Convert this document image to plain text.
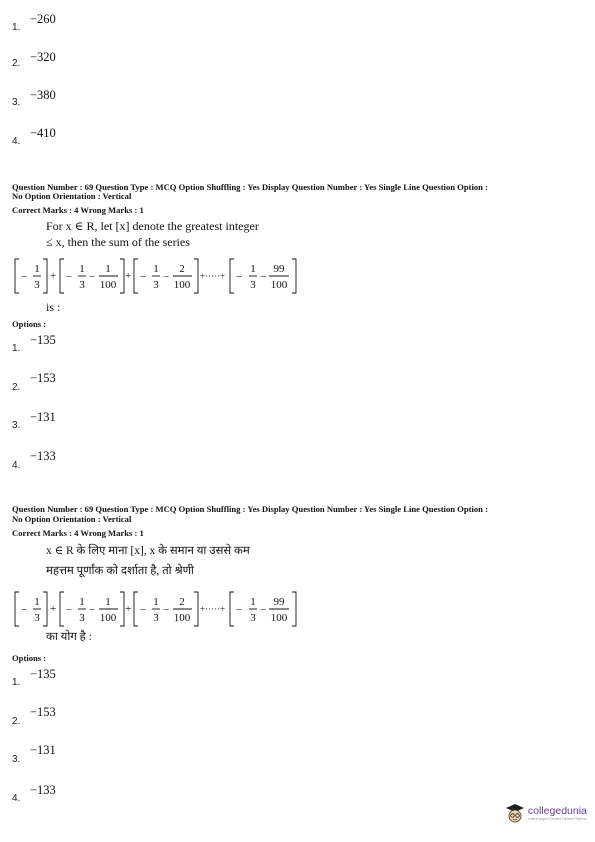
1.
−260
2. −320
3.
−380
4.
−410
Question Number : 69 Question Type : MCQ Option Shuffling : Yes Display Question Number : Yes Single Line Question Option :
No Option Orientation : Vertical
Correct Marks : 4 Wrong Marks : 1
For x ∈ R, let [x] denote the greatest integer
≤ x, then the sum of the series
−
1
3
+ −
1
3
−
1
100
+ −
1
3
−
2
100
+·····+ −
1
3
−
99
100
is :
Options :
1.
−135
2.
−153
3.
−131
4.
−133
Question Number : 69 Question Type : MCQ Option Shuffling : Yes Display Question Number : Yes Single Line Question Option :
No Option Orientation : Vertical
Correct Marks : 4 Wrong Marks : 1
x ∈ R के लिए माना [x], x के समान या उससे कम
महत्तम पूर्णांक को दर्शाता है, तो श्रेणी
−
1
3
+ −
1
3
−
1
100
+ −
1
3
−
2
100
+·····+ −
1
3
−
99
100
का योग है :
Options :
1.
−135
2.
−153
3.
−131
4.
−133
collegedunia
India's largest Student Review Platform
